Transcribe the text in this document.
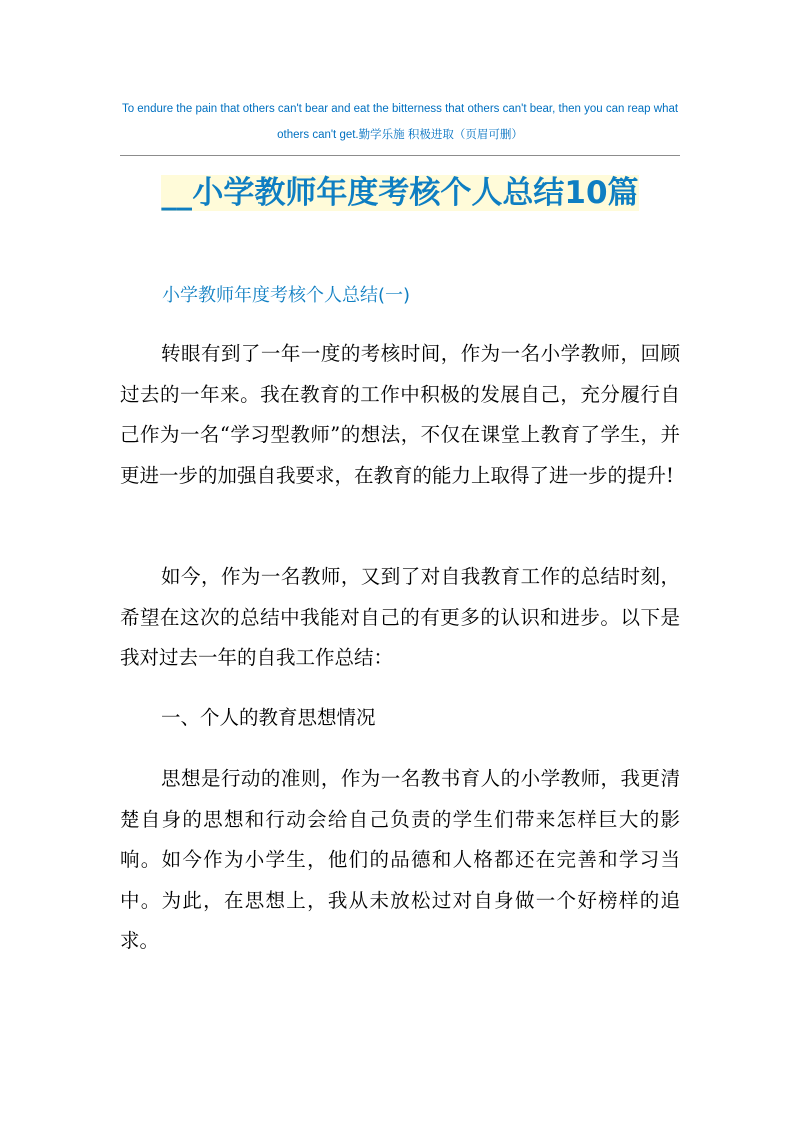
To endure the pain that others can't bear and eat the bitterness that others can't bear, then you can reap what
others can't get.勤学乐施 积极进取（页眉可删）
__小学教师年度考核个人总结10篇
小学教师年度考核个人总结(一)
转眼有到了一年一度的考核时间，作为一名小学教师，回顾过去的一年来。我在教育的工作中积极的发展自己，充分履行自己作为一名“学习型教师”的想法，不仅在课堂上教育了学生，并更进一步的加强自我要求，在教育的能力上取得了进一步的提升!
如今，作为一名教师，又到了对自我教育工作的总结时刻，希望在这次的总结中我能对自己的有更多的认识和进步。以下是我对过去一年的自我工作总结：
一、个人的教育思想情况
思想是行动的准则，作为一名教书育人的小学教师，我更清楚自身的思想和行动会给自己负责的学生们带来怎样巨大的影响。如今作为小学生，他们的品德和人格都还在完善和学习当中。为此，在思想上，我从未放松过对自身做一个好榜样的追求。
